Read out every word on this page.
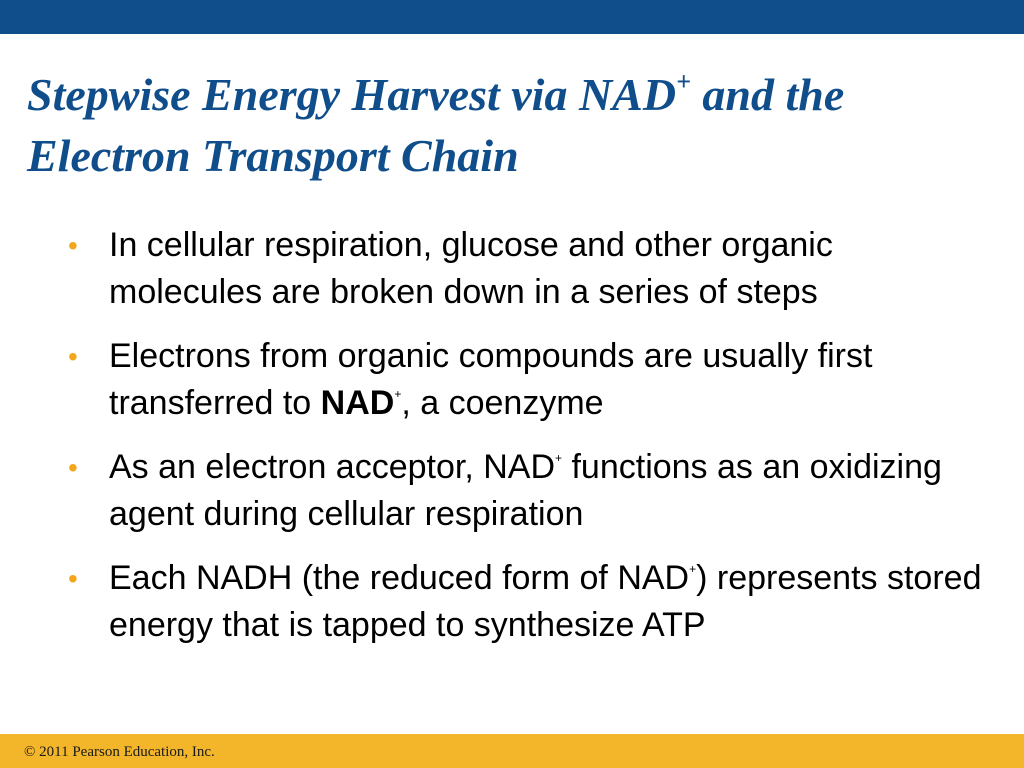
Stepwise Energy Harvest via NAD+ and the
Electron Transport Chain
• In cellular respiration, glucose and other organic molecules are broken down in a series of steps
• Electrons from organic compounds are usually first transferred to NAD+, a coenzyme
• As an electron acceptor, NAD+ functions as an oxidizing agent during cellular respiration
• Each NADH (the reduced form of NAD+) represents stored energy that is tapped to synthesize ATP
© 2011 Pearson Education, Inc.
